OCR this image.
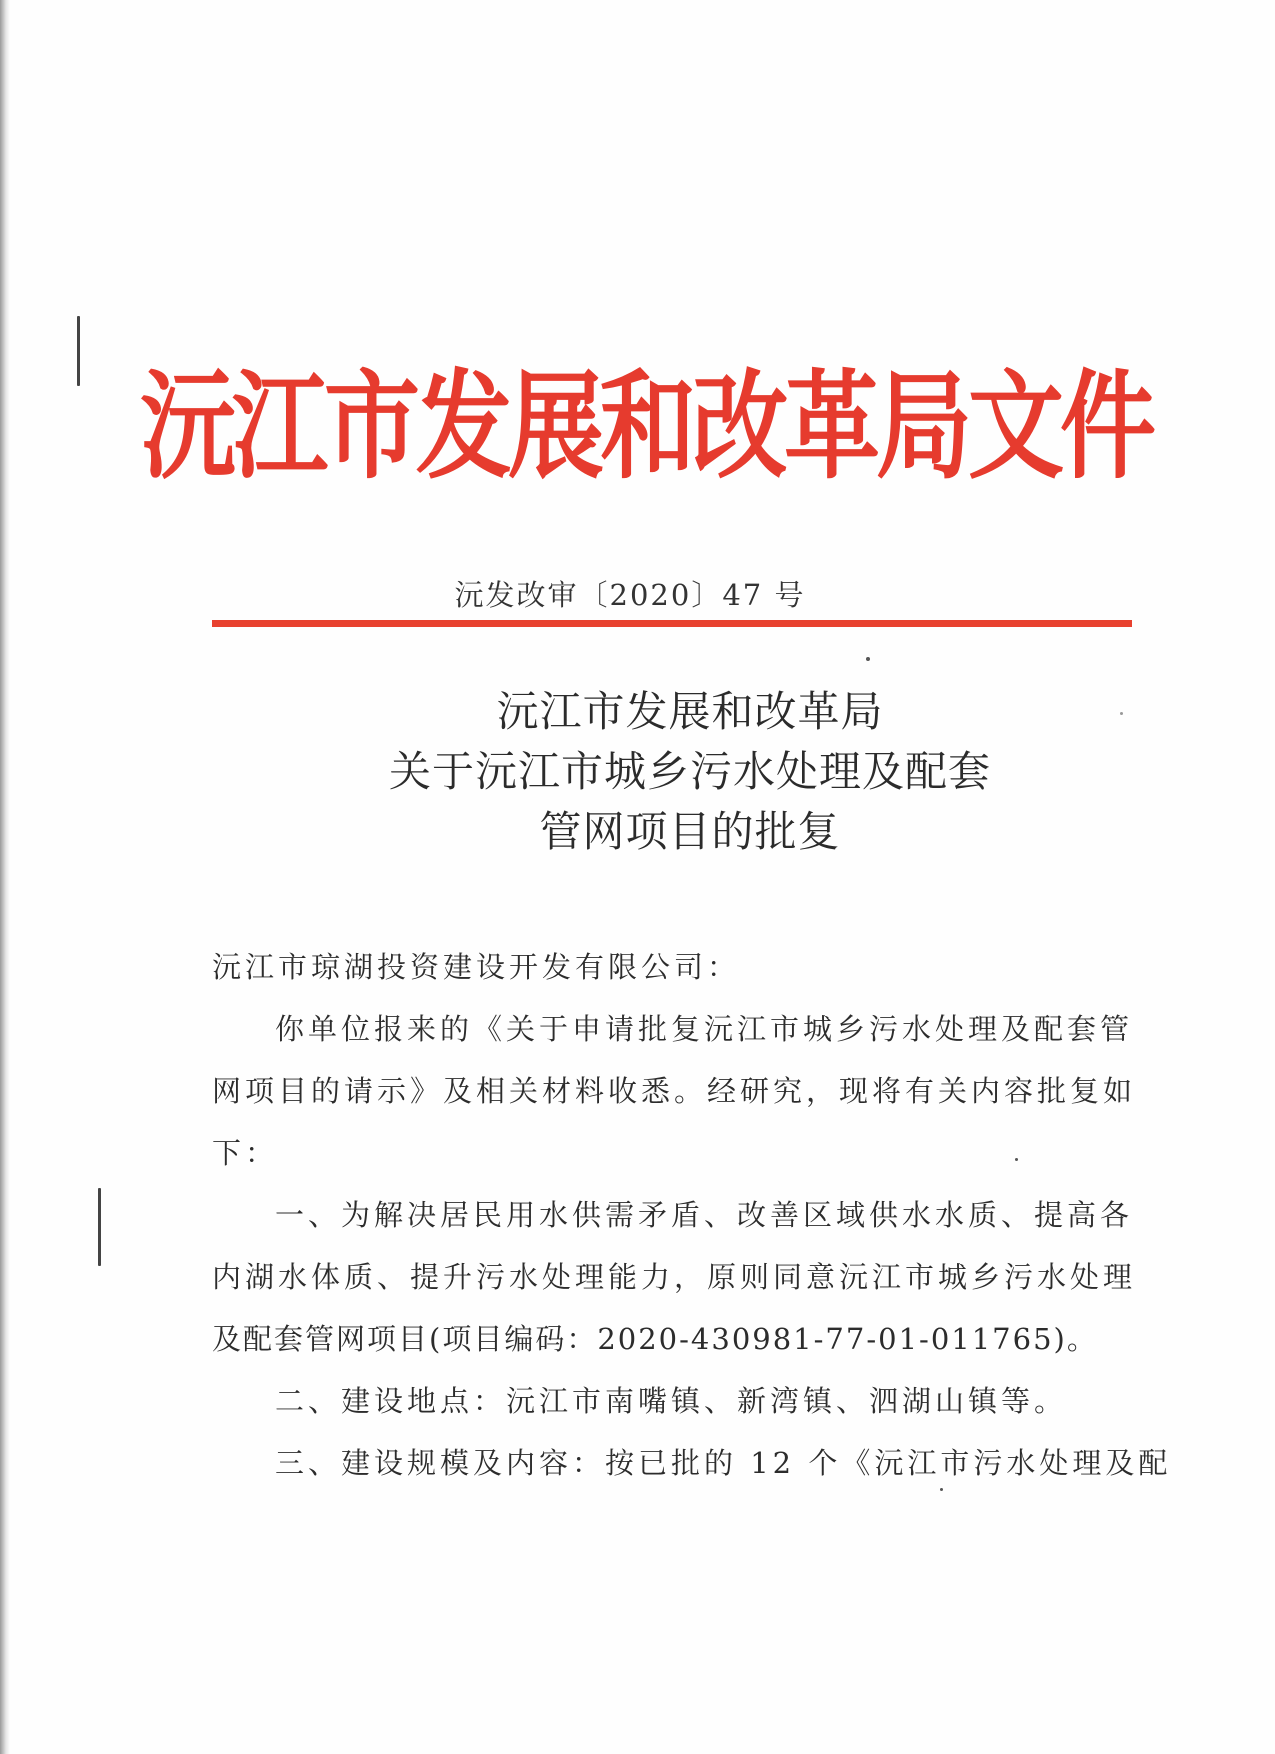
沅江市发展和改革局文件
沅发改审〔2020〕47 号
沅江市发展和改革局
关于沅江市城乡污水处理及配套
管网项目的批复
沅江市琼湖投资建设开发有限公司：
你单位报来的《关于申请批复沅江市城乡污水处理及配套管
网项目的请示》及相关材料收悉。经研究，现将有关内容批复如
下：
一、为解决居民用水供需矛盾、改善区域供水水质、提高各
内湖水体质、提升污水处理能力，原则同意沅江市城乡污水处理
及配套管网项目(项目编码：2020-430981-77-01-011765)。
二、建设地点：沅江市南嘴镇、新湾镇、泗湖山镇等。
三、建设规模及内容：按已批的 12 个《沅江市污水处理及配
